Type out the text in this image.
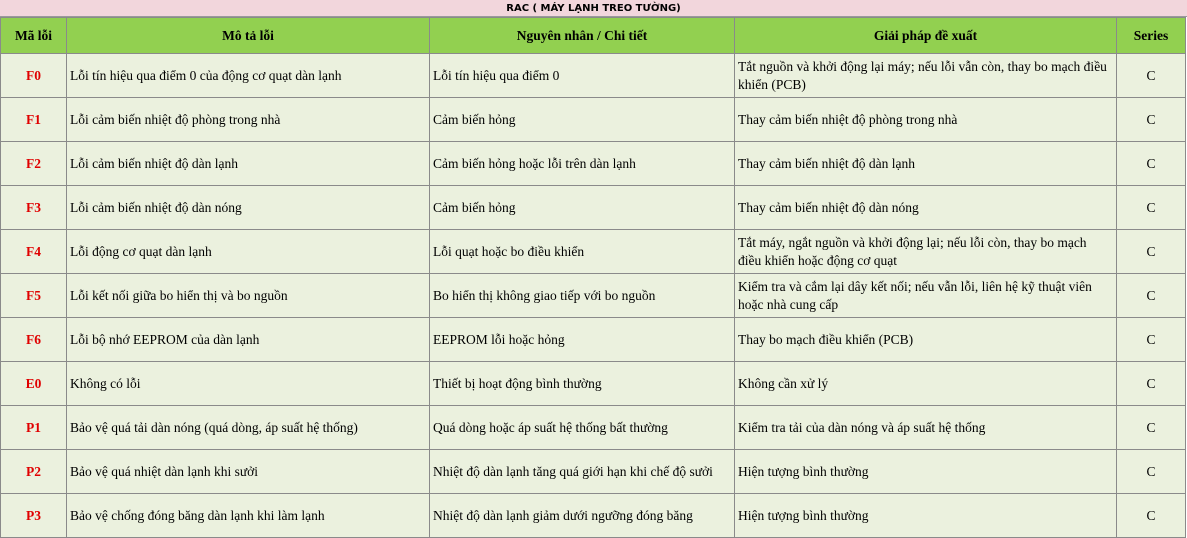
RAC ( MÁY LẠNH TREO TƯỜNG)
Mã lỗi	Mô tả lỗi	Nguyên nhân / Chi tiết	Giải pháp đề xuất	Series
F0	Lỗi tín hiệu qua điểm 0 của động cơ quạt dàn lạnh	Lỗi tín hiệu qua điểm 0	Tắt nguồn và khởi động lại máy; nếu lỗi vẫn còn, thay bo mạch điều khiển (PCB)	C
F1	Lỗi cảm biến nhiệt độ phòng trong nhà	Cảm biến hỏng	Thay cảm biến nhiệt độ phòng trong nhà	C
F2	Lỗi cảm biến nhiệt độ dàn lạnh	Cảm biến hỏng hoặc lỗi trên dàn lạnh	Thay cảm biến nhiệt độ dàn lạnh	C
F3	Lỗi cảm biến nhiệt độ dàn nóng	Cảm biến hỏng	Thay cảm biến nhiệt độ dàn nóng	C
F4	Lỗi động cơ quạt dàn lạnh	Lỗi quạt hoặc bo điều khiển	Tắt máy, ngắt nguồn và khởi động lại; nếu lỗi còn, thay bo mạch điều khiển hoặc động cơ quạt	C
F5	Lỗi kết nối giữa bo hiển thị và bo nguồn	Bo hiển thị không giao tiếp với bo nguồn	Kiểm tra và cắm lại dây kết nối; nếu vẫn lỗi, liên hệ kỹ thuật viên hoặc nhà cung cấp	C
F6	Lỗi bộ nhớ EEPROM của dàn lạnh	EEPROM lỗi hoặc hỏng	Thay bo mạch điều khiển (PCB)	C
E0	Không có lỗi	Thiết bị hoạt động bình thường	Không cần xử lý	C
P1	Bảo vệ quá tải dàn nóng (quá dòng, áp suất hệ thống)	Quá dòng hoặc áp suất hệ thống bất thường	Kiểm tra tải của dàn nóng và áp suất hệ thống	C
P2	Bảo vệ quá nhiệt dàn lạnh khi sưởi	Nhiệt độ dàn lạnh tăng quá giới hạn khi chế độ sưởi	Hiện tượng bình thường	C
P3	Bảo vệ chống đóng băng dàn lạnh khi làm lạnh	Nhiệt độ dàn lạnh giảm dưới ngưỡng đóng băng	Hiện tượng bình thường	C
